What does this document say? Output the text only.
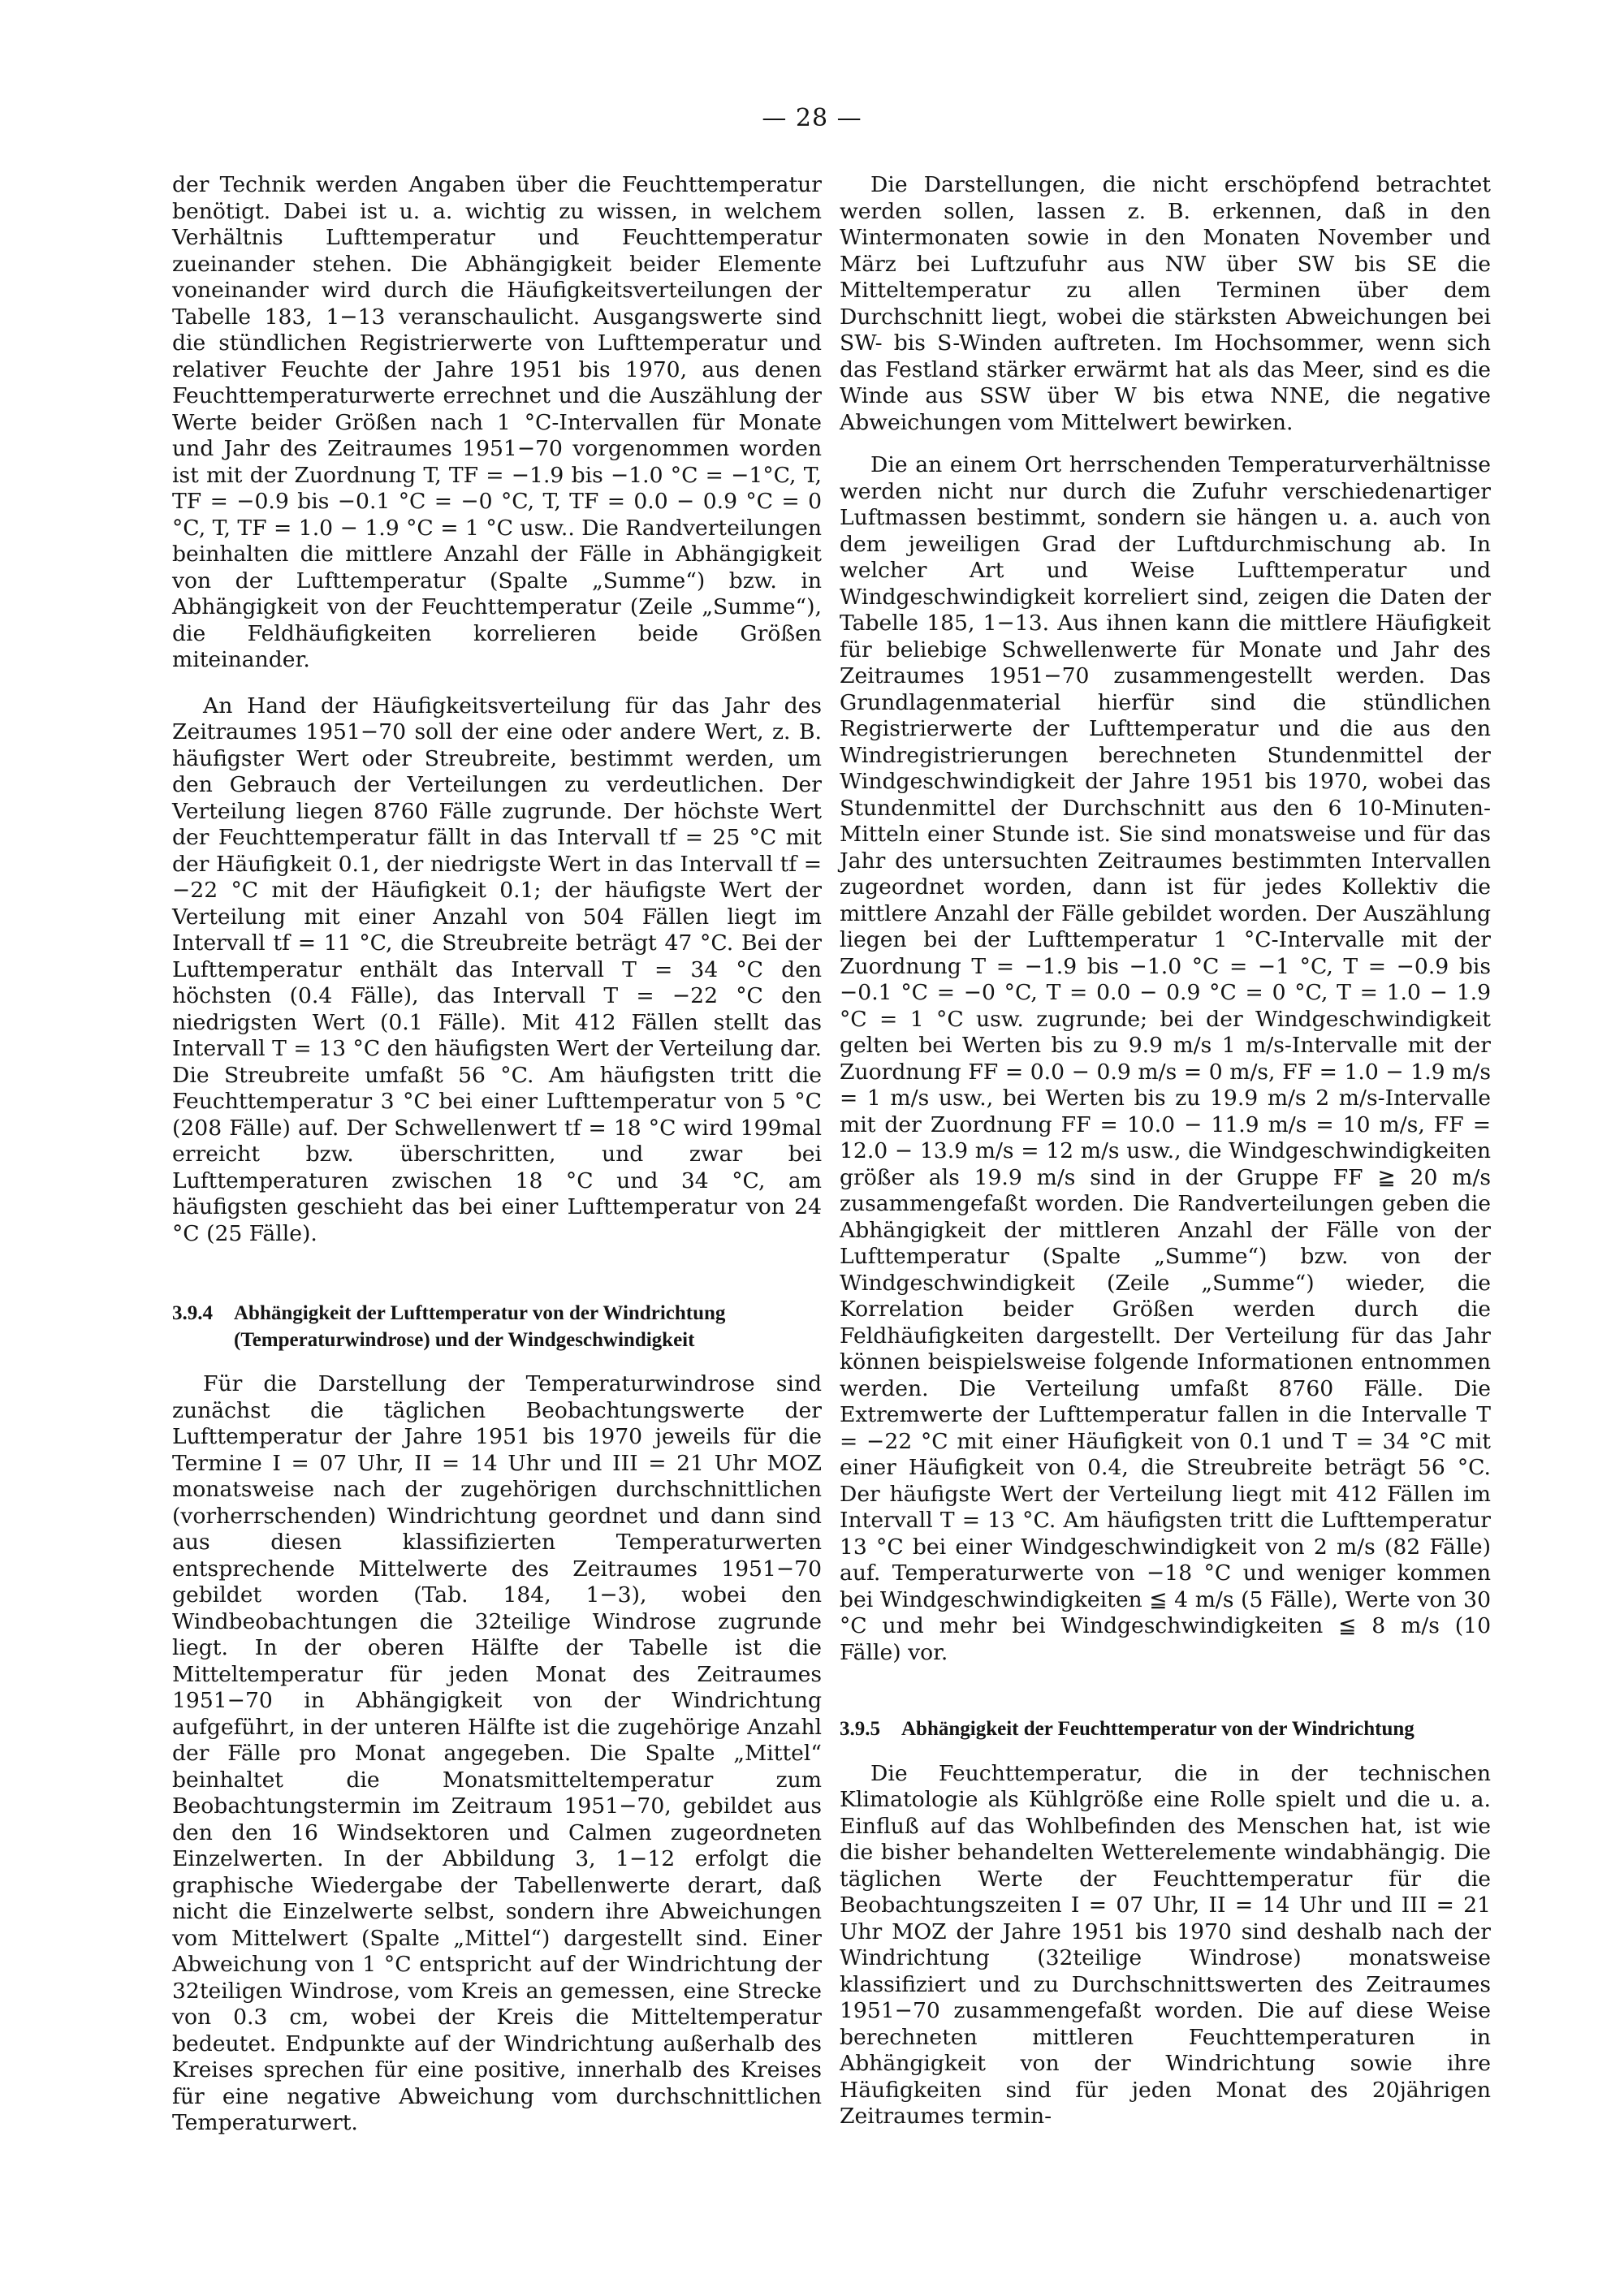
— 28 —

der Technik werden Angaben über die Feuchttemperatur benötigt. Dabei ist u. a. wichtig zu wissen, in welchem Verhältnis Lufttemperatur und Feuchttemperatur zueinander stehen. Die Abhängigkeit beider Elemente voneinander wird durch die Häufigkeitsverteilungen der Tabelle 183, 1−13 veranschaulicht. Ausgangswerte sind die stündlichen Registrierwerte von Lufttemperatur und relativer Feuchte der Jahre 1951 bis 1970, aus denen Feuchttemperaturwerte errechnet und die Auszählung der Werte beider Größen nach 1 °C-Intervallen für Monate und Jahr des Zeitraumes 1951−70 vorgenommen worden ist mit der Zuordnung T, TF = −1.9 bis −1.0 °C = −1°C, T, TF = −0.9 bis −0.1 °C = −0 °C, T, TF = 0.0 − 0.9 °C = 0 °C, T, TF = 1.0 − 1.9 °C = 1 °C usw.. Die Randverteilungen beinhalten die mittlere Anzahl der Fälle in Abhängigkeit von der Lufttemperatur (Spalte „Summe“) bzw. in Abhängigkeit von der Feuchttemperatur (Zeile „Summe“), die Feldhäufigkeiten korrelieren beide Größen miteinander.

An Hand der Häufigkeitsverteilung für das Jahr des Zeitraumes 1951−70 soll der eine oder andere Wert, z. B. häufigster Wert oder Streubreite, bestimmt werden, um den Gebrauch der Verteilungen zu verdeutlichen. Der Verteilung liegen 8760 Fälle zugrunde. Der höchste Wert der Feuchttemperatur fällt in das Intervall tf = 25 °C mit der Häufigkeit 0.1, der niedrigste Wert in das Intervall tf = −22 °C mit der Häufigkeit 0.1; der häufigste Wert der Verteilung mit einer Anzahl von 504 Fällen liegt im Intervall tf = 11 °C, die Streubreite beträgt 47 °C. Bei der Lufttemperatur enthält das Intervall T = 34 °C den höchsten (0.4 Fälle), das Intervall T = −22 °C den niedrigsten Wert (0.1 Fälle). Mit 412 Fällen stellt das Intervall T = 13 °C den häufigsten Wert der Verteilung dar. Die Streubreite umfaßt 56 °C. Am häufigsten tritt die Feuchttemperatur 3 °C bei einer Lufttemperatur von 5 °C (208 Fälle) auf. Der Schwellenwert tf = 18 °C wird 199mal erreicht bzw. überschritten, und zwar bei Lufttemperaturen zwischen 18 °C und 34 °C, am häufigsten geschieht das bei einer Lufttemperatur von 24 °C (25 Fälle).

3.9.4 Abhängigkeit der Lufttemperatur von der Windrichtung (Temperaturwindrose) und der Windgeschwindigkeit

Für die Darstellung der Temperaturwindrose sind zunächst die täglichen Beobachtungswerte der Lufttemperatur der Jahre 1951 bis 1970 jeweils für die Termine I = 07 Uhr, II = 14 Uhr und III = 21 Uhr MOZ monatsweise nach der zugehörigen durchschnittlichen (vorherrschenden) Windrichtung geordnet und dann sind aus diesen klassifizierten Temperaturwerten entsprechende Mittelwerte des Zeitraumes 1951−70 gebildet worden (Tab. 184, 1−3), wobei den Windbeobachtungen die 32teilige Windrose zugrunde liegt. In der oberen Hälfte der Tabelle ist die Mitteltemperatur für jeden Monat des Zeitraumes 1951−70 in Abhängigkeit von der Windrichtung aufgeführt, in der unteren Hälfte ist die zugehörige Anzahl der Fälle pro Monat angegeben. Die Spalte „Mittel“ beinhaltet die Monatsmitteltemperatur zum Beobachtungstermin im Zeitraum 1951−70, gebildet aus den den 16 Windsektoren und Calmen zugeordneten Einzelwerten. In der Abbildung 3, 1−12 erfolgt die graphische Wiedergabe der Tabellenwerte derart, daß nicht die Einzelwerte selbst, sondern ihre Abweichungen vom Mittelwert (Spalte „Mittel“) dargestellt sind. Einer Abweichung von 1 °C entspricht auf der Windrichtung der 32teiligen Windrose, vom Kreis an gemessen, eine Strecke von 0.3 cm, wobei der Kreis die Mitteltemperatur bedeutet. Endpunkte auf der Windrichtung außerhalb des Kreises sprechen für eine positive, innerhalb des Kreises für eine negative Abweichung vom durchschnittlichen Temperaturwert.

Die Darstellungen, die nicht erschöpfend betrachtet werden sollen, lassen z. B. erkennen, daß in den Wintermonaten sowie in den Monaten November und März bei Luftzufuhr aus NW über SW bis SE die Mitteltemperatur zu allen Terminen über dem Durchschnitt liegt, wobei die stärksten Abweichungen bei SW- bis S-Winden auftreten. Im Hochsommer, wenn sich das Festland stärker erwärmt hat als das Meer, sind es die Winde aus SSW über W bis etwa NNE, die negative Abweichungen vom Mittelwert bewirken.

Die an einem Ort herrschenden Temperaturverhältnisse werden nicht nur durch die Zufuhr verschiedenartiger Luftmassen bestimmt, sondern sie hängen u. a. auch von dem jeweiligen Grad der Luftdurchmischung ab. In welcher Art und Weise Lufttemperatur und Windgeschwindigkeit korreliert sind, zeigen die Daten der Tabelle 185, 1−13. Aus ihnen kann die mittlere Häufigkeit für beliebige Schwellenwerte für Monate und Jahr des Zeitraumes 1951−70 zusammengestellt werden. Das Grundlagenmaterial hierfür sind die stündlichen Registrierwerte der Lufttemperatur und die aus den Windregistrierungen berechneten Stundenmittel der Windgeschwindigkeit der Jahre 1951 bis 1970, wobei das Stundenmittel der Durchschnitt aus den 6 10-Minuten-Mitteln einer Stunde ist. Sie sind monatsweise und für das Jahr des untersuchten Zeitraumes bestimmten Intervallen zugeordnet worden, dann ist für jedes Kollektiv die mittlere Anzahl der Fälle gebildet worden. Der Auszählung liegen bei der Lufttemperatur 1 °C-Intervalle mit der Zuordnung T = −1.9 bis −1.0 °C = −1 °C, T = −0.9 bis −0.1 °C = −0 °C, T = 0.0 − 0.9 °C = 0 °C, T = 1.0 − 1.9 °C = 1 °C usw. zugrunde; bei der Windgeschwindigkeit gelten bei Werten bis zu 9.9 m/s 1 m/s-Intervalle mit der Zuordnung FF = 0.0 − 0.9 m/s = 0 m/s, FF = 1.0 − 1.9 m/s = 1 m/s usw., bei Werten bis zu 19.9 m/s 2 m/s-Intervalle mit der Zuordnung FF = 10.0 − 11.9 m/s = 10 m/s, FF = 12.0 − 13.9 m/s = 12 m/s usw., die Windgeschwindigkeiten größer als 19.9 m/s sind in der Gruppe FF ≧ 20 m/s zusammengefaßt worden. Die Randverteilungen geben die Abhängigkeit der mittleren Anzahl der Fälle von der Lufttemperatur (Spalte „Summe“) bzw. von der Windgeschwindigkeit (Zeile „Summe“) wieder, die Korrelation beider Größen werden durch die Feldhäufigkeiten dargestellt. Der Verteilung für das Jahr können beispielsweise folgende Informationen entnommen werden. Die Verteilung umfaßt 8760 Fälle. Die Extremwerte der Lufttemperatur fallen in die Intervalle T = −22 °C mit einer Häufigkeit von 0.1 und T = 34 °C mit einer Häufigkeit von 0.4, die Streubreite beträgt 56 °C. Der häufigste Wert der Verteilung liegt mit 412 Fällen im Intervall T = 13 °C. Am häufigsten tritt die Lufttemperatur 13 °C bei einer Windgeschwindigkeit von 2 m/s (82 Fälle) auf. Temperaturwerte von −18 °C und weniger kommen bei Windgeschwindigkeiten ≦ 4 m/s (5 Fälle), Werte von 30 °C und mehr bei Windgeschwindigkeiten ≦ 8 m/s (10 Fälle) vor.

3.9.5 Abhängigkeit der Feuchttemperatur von der Windrichtung

Die Feuchttemperatur, die in der technischen Klimatologie als Kühlgröße eine Rolle spielt und die u. a. Einfluß auf das Wohlbefinden des Menschen hat, ist wie die bisher behandelten Wetterelemente windabhängig. Die täglichen Werte der Feuchttemperatur für die Beobachtungszeiten I = 07 Uhr, II = 14 Uhr und III = 21 Uhr MOZ der Jahre 1951 bis 1970 sind deshalb nach der Windrichtung (32teilige Windrose) monatsweise klassifiziert und zu Durchschnittswerten des Zeitraumes 1951−70 zusammengefaßt worden. Die auf diese Weise berechneten mittleren Feuchttemperaturen in Abhängigkeit von der Windrichtung sowie ihre Häufigkeiten sind für jeden Monat des 20jährigen Zeitraumes termin-
